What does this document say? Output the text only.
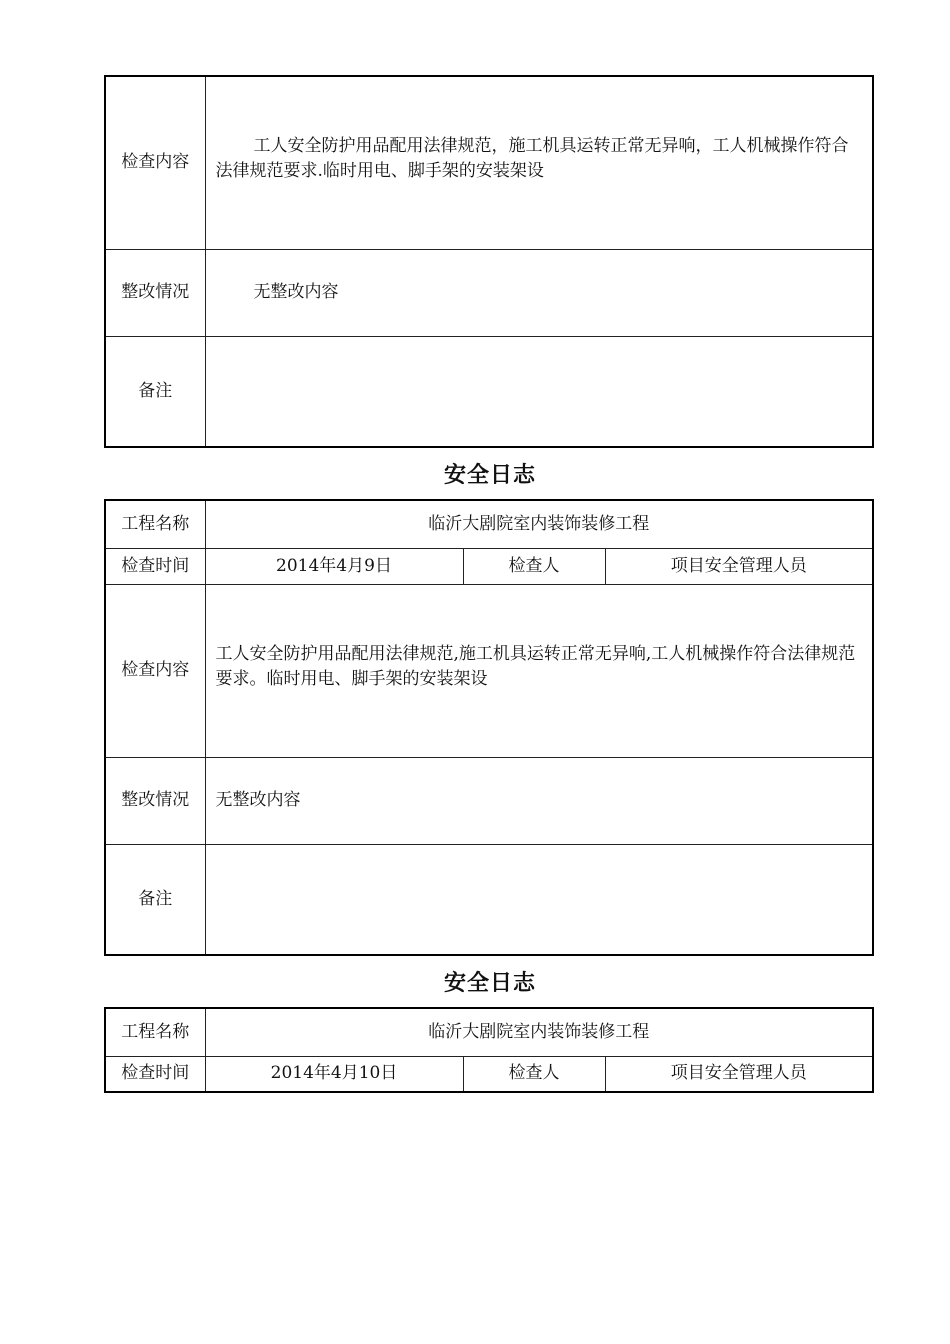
检查内容	工人安全防护用品配用法律规范，施工机具运转正常无异响，工人机械操作符合法律规范要求.临时用电、脚手架的安装架设
整改情况	无整改内容
备注	
安全日志
工程名称	临沂大剧院室内装饰装修工程		
检查时间	2014年4月9日	检查人	项目安全管理人员
检查内容	工人安全防护用品配用法律规范,施工机具运转正常无异响,工人机械操作符合法律规范要求。临时用电、脚手架的安装架设		
整改情况	无整改内容		
备注			
安全日志
工程名称	临沂大剧院室内装饰装修工程		
检查时间	2014年4月10日	检查人	项目安全管理人员
